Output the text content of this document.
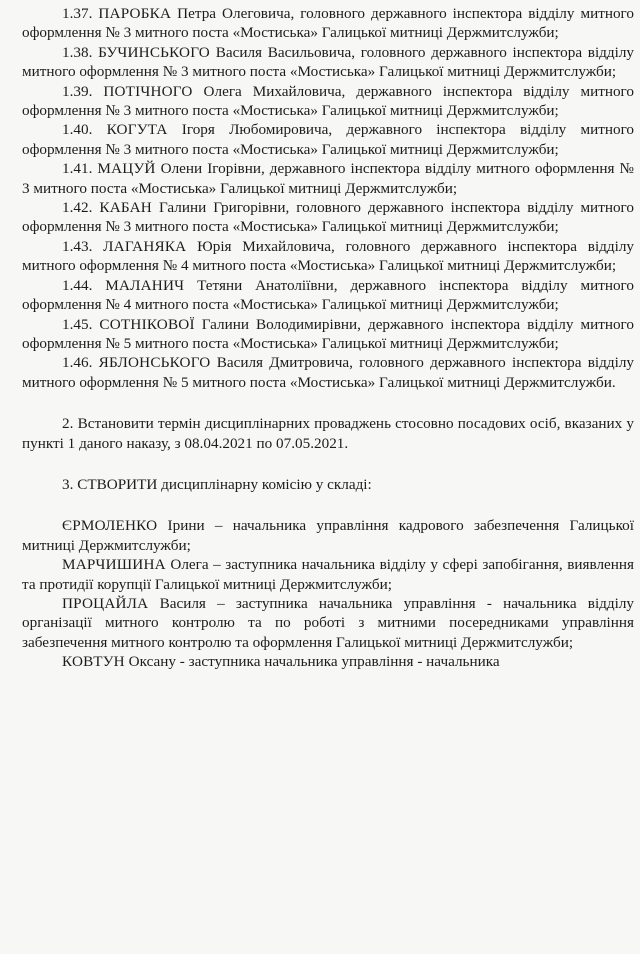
1.37. ПАРОБКА Петра Олеговича, головного державного інспектора відділу митного оформлення № 3 митного поста «Мостиська» Галицької митниці Держмитслужби;

1.38. БУЧИНСЬКОГО Василя Васильовича, головного державного інспектора відділу митного оформлення № 3 митного поста «Мостиська» Галицької митниці Держмитслужби;

1.39. ПОТІЧНОГО Олега Михайловича, державного інспектора відділу митного оформлення № 3 митного поста «Мостиська» Галицької митниці Держмитслужби;

1.40. КОГУТА Ігоря Любомировича, державного інспектора відділу митного оформлення № 3 митного поста «Мостиська» Галицької митниці Держмитслужби;

1.41. МАЦУЙ Олени Ігорівни, державного інспектора відділу митного оформлення № 3 митного поста «Мостиська» Галицької митниці Держмитслужби;

1.42. КАБАН Галини Григорівни, головного державного інспектора відділу митного оформлення № 3 митного поста «Мостиська» Галицької митниці Держмитслужби;

1.43. ЛАГАНЯКА Юрія Михайловича, головного державного інспектора відділу митного оформлення № 4 митного поста «Мостиська» Галицької митниці Держмитслужби;

1.44. МАЛАНИЧ Тетяни Анатоліївни, державного інспектора відділу митного оформлення № 4 митного поста «Мостиська» Галицької митниці Держмитслужби;

1.45. СОТНІКОВОЇ Галини Володимирівни, державного інспектора відділу митного оформлення № 5 митного поста «Мостиська» Галицької митниці Держмитслужби;

1.46. ЯБЛОНСЬКОГО Василя Дмитровича, головного державного інспектора відділу митного оформлення № 5 митного поста «Мостиська» Галицької митниці Держмитслужби.

2. Встановити термін дисциплінарних проваджень стосовно посадових осіб, вказаних у пункті 1 даного наказу, з 08.04.2021 по 07.05.2021.

3. СТВОРИТИ дисциплінарну комісію у складі:

ЄРМОЛЕНКО Ірини – начальника управління кадрового забезпечення Галицької митниці Держмитслужби;

МАРЧИШИНА Олега – заступника начальника відділу у сфері запобігання, виявлення та протидії корупції Галицької митниці Держмитслужби;

ПРОЦАЙЛА Василя – заступника начальника управління - начальника відділу організації митного контролю та по роботі з митними посередниками управління забезпечення митного контролю та оформлення Галицької митниці Держмитслужби;

КОВТУН Оксану - заступника начальника управління - начальника
